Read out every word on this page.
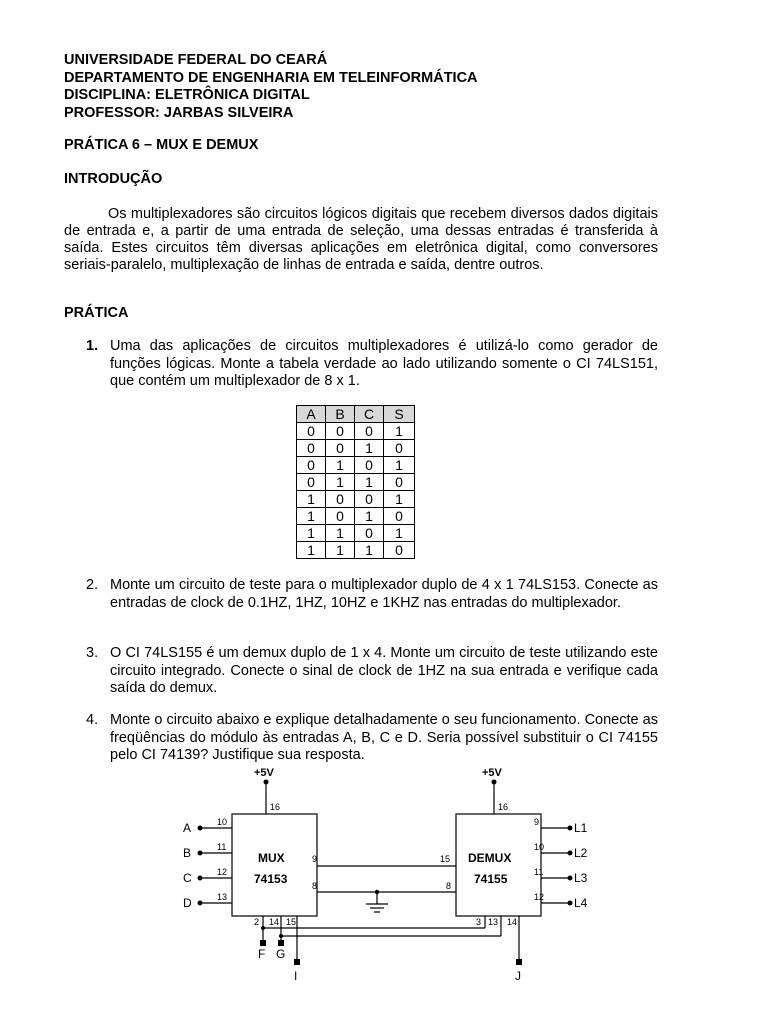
UNIVERSIDADE FEDERAL DO CEARÁ
DEPARTAMENTO DE ENGENHARIA EM TELEINFORMÁTICA
DISCIPLINA: ELETRÔNICA DIGITAL
PROFESSOR: JARBAS SILVEIRA
PRÁTICA 6 – MUX E DEMUX
INTRODUÇÃO
Os multiplexadores são circuitos lógicos digitais que recebem diversos dados digitais de entrada e, a partir de uma entrada de seleção, uma dessas entradas é transferida à saída. Estes circuitos têm diversas aplicações em eletrônica digital, como conversores seriais-paralelo, multiplexação de linhas de entrada e saída, dentre outros.
PRÁTICA
1. Uma das aplicações de circuitos multiplexadores é utilizá-lo como gerador de funções lógicas. Monte a tabela verdade ao lado utilizando somente o CI 74LS151, que contém um multiplexador de 8 x 1.
A	B	C	S
0	0	0	1
0	0	1	0
0	1	0	1
0	1	1	0
1	0	0	1
1	0	1	0
1	1	0	1
1	1	1	0
2. Monte um circuito de teste para o multiplexador duplo de 4 x 1 74LS153. Conecte as entradas de clock de 0.1HZ, 1HZ, 10HZ e 1KHZ nas entradas do multiplexador.
3. O CI 74LS155 é um demux duplo de 1 x 4. Monte um circuito de teste utilizando este circuito integrado. Conecte o sinal de clock de 1HZ na sua entrada e verifique cada saída do demux.
4. Monte o circuito abaixo e explique detalhadamente o seu funcionamento. Conecte as freqüências do módulo às entradas A, B, C e D. Seria possível substituir o CI 74155 pelo CI 74139? Justifique sua resposta.
+5V	+5V
MUX
74153
DEMUX
74155
A
B
C
D
L1
L2
L3
L4
F G
I	J
16
10
11
12
13
9
8
2 14 15
16
15
8
9
10
11
12
3 13 14
